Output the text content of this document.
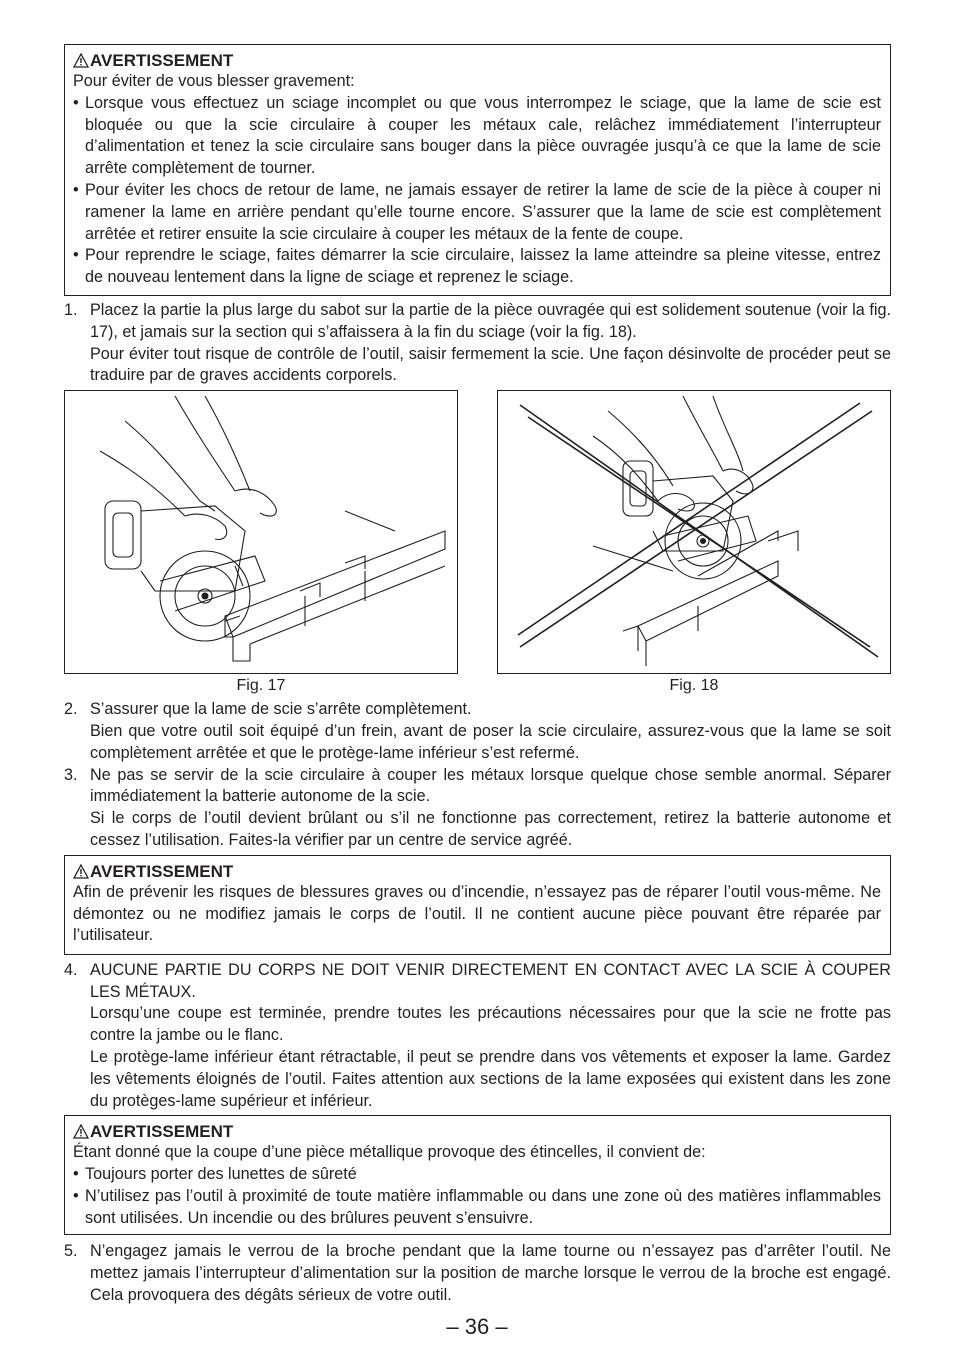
AVERTISSEMENT

Pour éviter de vous blesser gravement:

• Lorsque vous effectuez un sciage incomplet ou que vous interrompez le sciage, que la lame de scie est bloquée ou que la scie circulaire à couper les métaux cale, relâchez immédiatement l’interrupteur d’alimentation et tenez la scie circulaire sans bouger dans la pièce ouvragée jusqu’à ce que la lame de scie arrête complètement de tourner.
• Pour éviter les chocs de retour de lame, ne jamais essayer de retirer la lame de scie de la pièce à couper ni ramener la lame en arrière pendant qu’elle tourne encore. S’assurer que la lame de scie est complètement arrêtée et retirer ensuite la scie circulaire à couper les métaux de la fente de coupe.
• Pour reprendre le sciage, faites démarrer la scie circulaire, laissez la lame atteindre sa pleine vitesse, entrez de nouveau lentement dans la ligne de sciage et reprenez le sciage.
1. Placez la partie la plus large du sabot sur la partie de la pièce ouvragée qui est solidement soutenue (voir la fig. 17), et jamais sur la section qui s’affaissera à la fin du sciage (voir la fig. 18).

Pour éviter tout risque de contrôle de l’outil, saisir fermement la scie. Une façon désinvolte de procéder peut se traduire par de graves accidents corporels.

Fig. 17	Fig. 18
2. S’assurer que la lame de scie s’arrête complètement.

Bien que votre outil soit équipé d’un frein, avant de poser la scie circulaire, assurez-vous que la lame se soit complètement arrêtée et que le protège-lame inférieur s’est refermé.

3. Ne pas se servir de la scie circulaire à couper les métaux lorsque quelque chose semble anormal. Séparer immédiatement la batterie autonome de la scie.

Si le corps de l’outil devient brûlant ou s’il ne fonctionne pas correctement, retirez la batterie autonome et cessez l’utilisation. Faites-la vérifier par un centre de service agréé.

AVERTISSEMENT

Afin de prévenir les risques de blessures graves ou d’incendie, n’essayez pas de réparer l’outil vous-même. Ne démontez ou ne modifiez jamais le corps de l’outil. Il ne contient aucune pièce pouvant être réparée par l’utilisateur.

4. AUCUNE PARTIE DU CORPS NE DOIT VENIR DIRECTEMENT EN CONTACT AVEC LA SCIE À COUPER LES MÉTAUX.

Lorsqu’une coupe est terminée, prendre toutes les précautions nécessaires pour que la scie ne frotte pas contre la jambe ou le flanc.

Le protège-lame inférieur étant rétractable, il peut se prendre dans vos vêtements et exposer la lame. Gardez les vêtements éloignés de l’outil. Faites attention aux sections de la lame exposées qui existent dans les zone du protèges-lame supérieur et inférieur.

AVERTISSEMENT

Étant donné que la coupe d’une pièce métallique provoque des étincelles, il convient de:

• Toujours porter des lunettes de sûreté
• N’utilisez pas l’outil à proximité de toute matière inflammable ou dans une zone où des matières inflammables sont utilisées. Un incendie ou des brûlures peuvent s’ensuivre.
5. N’engagez jamais le verrou de la broche pendant que la lame tourne ou n’essayez pas d’arrêter l’outil. Ne mettez jamais l’interrupteur d’alimentation sur la position de marche lorsque le verrou de la broche est engagé. Cela provoquera des dégâts sérieux de votre outil.

– 36 –
